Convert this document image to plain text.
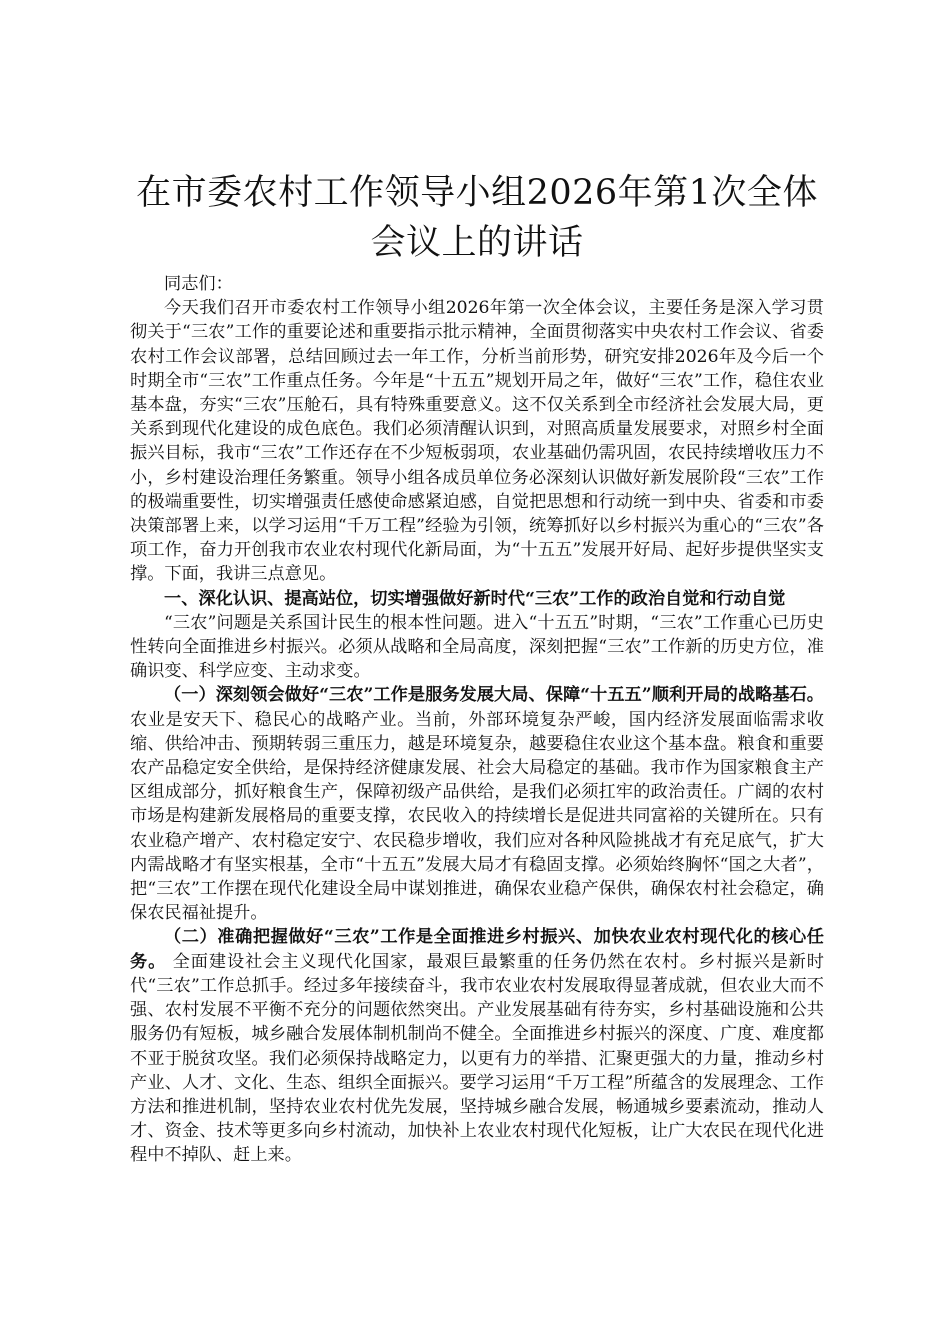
在市委农村工作领导小组2026年第1次全体会议上的讲话

同志们：

今天我们召开市委农村工作领导小组2026年第一次全体会议，主要任务是深入学习贯彻关于“三农”工作的重要论述和重要指示批示精神，全面贯彻落实中央农村工作会议、省委农村工作会议部署，总结回顾过去一年工作，分析当前形势，研究安排2026年及今后一个时期全市“三农”工作重点任务。今年是“十五五”规划开局之年，做好“三农”工作，稳住农业基本盘，夯实“三农”压舱石，具有特殊重要意义。这不仅关系到全市经济社会发展大局，更关系到现代化建设的成色底色。我们必须清醒认识到，对照高质量发展要求，对照乡村全面振兴目标，我市“三农”工作还存在不少短板弱项，农业基础仍需巩固，农民持续增收压力不小，乡村建设治理任务繁重。领导小组各成员单位务必深刻认识做好新发展阶段“三农”工作的极端重要性，切实增强责任感使命感紧迫感，自觉把思想和行动统一到中央、省委和市委决策部署上来，以学习运用“千万工程”经验为引领，统筹抓好以乡村振兴为重心的“三农”各项工作，奋力开创我市农业农村现代化新局面，为“十五五”发展开好局、起好步提供坚实支撑。下面，我讲三点意见。

一、深化认识、提高站位，切实增强做好新时代“三农”工作的政治自觉和行动自觉

“三农”问题是关系国计民生的根本性问题。进入“十五五”时期，“三农”工作重心已历史性转向全面推进乡村振兴。必须从战略和全局高度，深刻把握“三农”工作新的历史方位，准确识变、科学应变、主动求变。

（一）深刻领会做好“三农”工作是服务发展大局、保障“十五五”顺利开局的战略基石。 农业是安天下、稳民心的战略产业。当前，外部环境复杂严峻，国内经济发展面临需求收缩、供给冲击、预期转弱三重压力，越是环境复杂，越要稳住农业这个基本盘。粮食和重要农产品稳定安全供给，是保持经济健康发展、社会大局稳定的基础。我市作为国家粮食主产区组成部分，抓好粮食生产，保障初级产品供给，是我们必须扛牢的政治责任。广阔的农村市场是构建新发展格局的重要支撑，农民收入的持续增长是促进共同富裕的关键所在。只有农业稳产增产、农村稳定安宁、农民稳步增收，我们应对各种风险挑战才有充足底气，扩大内需战略才有坚实根基，全市“十五五”发展大局才有稳固支撑。必须始终胸怀“国之大者”，把“三农”工作摆在现代化建设全局中谋划推进，确保农业稳产保供，确保农村社会稳定，确保农民福祉提升。

（二）准确把握做好“三农”工作是全面推进乡村振兴、加快农业农村现代化的核心任务。 全面建设社会主义现代化国家，最艰巨最繁重的任务仍然在农村。乡村振兴是新时代“三农”工作总抓手。经过多年接续奋斗，我市农业农村发展取得显著成就，但农业大而不强、农村发展不平衡不充分的问题依然突出。产业发展基础有待夯实，乡村基础设施和公共服务仍有短板，城乡融合发展体制机制尚不健全。全面推进乡村振兴的深度、广度、难度都不亚于脱贫攻坚。我们必须保持战略定力，以更有力的举措、汇聚更强大的力量，推动乡村产业、人才、文化、生态、组织全面振兴。要学习运用“千万工程”所蕴含的发展理念、工作方法和推进机制，坚持农业农村优先发展，坚持城乡融合发展，畅通城乡要素流动，推动人才、资金、技术等更多向乡村流动，加快补上农业农村现代化短板，让广大农民在现代化进程中不掉队、赶上来。
